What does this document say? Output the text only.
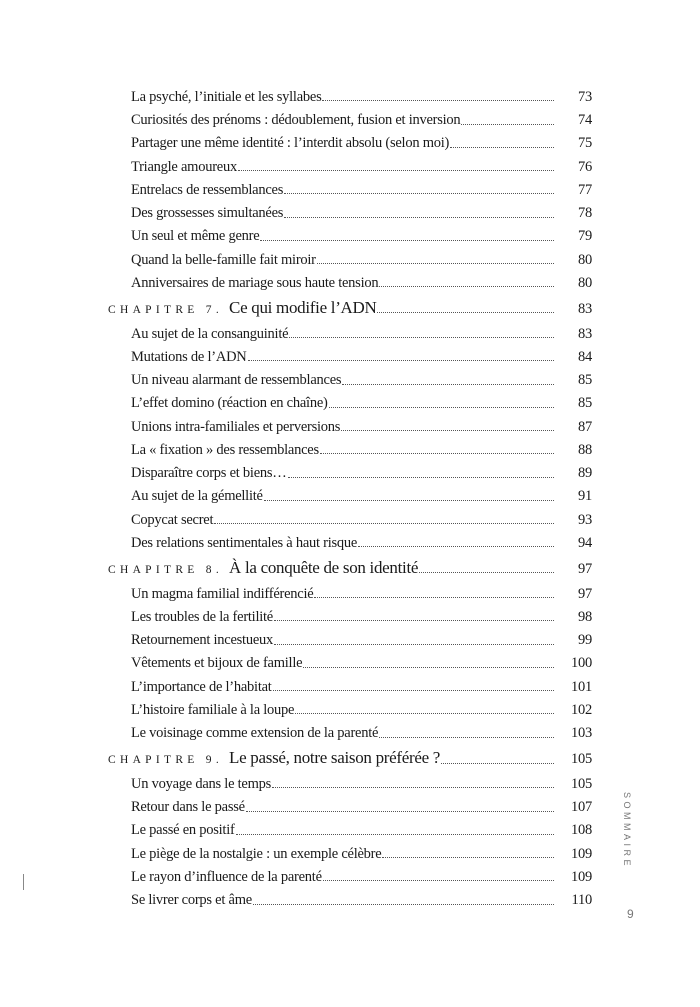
La psyché, l’initiale et les syllabes	73
Curiosités des prénoms : dédoublement, fusion et inversion	74
Partager une même identité : l’interdit absolu (selon moi)	75
Triangle amoureux	76
Entrelacs de ressemblances	77
Des grossesses simultanées	78
Un seul et même genre	79
Quand la belle-famille fait miroir	80
Anniversaires de mariage sous haute tension	80
CHAPITRE 7. Ce qui modifie l’ADN	83
Au sujet de la consanguinité	83
Mutations de l’ADN	84
Un niveau alarmant de ressemblances	85
L’effet domino (réaction en chaîne)	85
Unions intra-familiales et perversions	87
La « fixation » des ressemblances	88
Disparaître corps et biens…	89
Au sujet de la gémellité	91
Copycat secret	93
Des relations sentimentales à haut risque	94
CHAPITRE 8. À la conquête de son identité	97
Un magma familial indifférencié	97
Les troubles de la fertilité	98
Retournement incestueux	99
Vêtements et bijoux de famille	100
L’importance de l’habitat	101
L’histoire familiale à la loupe	102
Le voisinage comme extension de la parenté	103
CHAPITRE 9. Le passé, notre saison préférée ?	105
Un voyage dans le temps	105
Retour dans le passé	107
Le passé en positif	108
Le piège de la nostalgie : un exemple célèbre	109
Le rayon d’influence de la parenté	109
Se livrer corps et âme	110
SOMMAIRE
9
